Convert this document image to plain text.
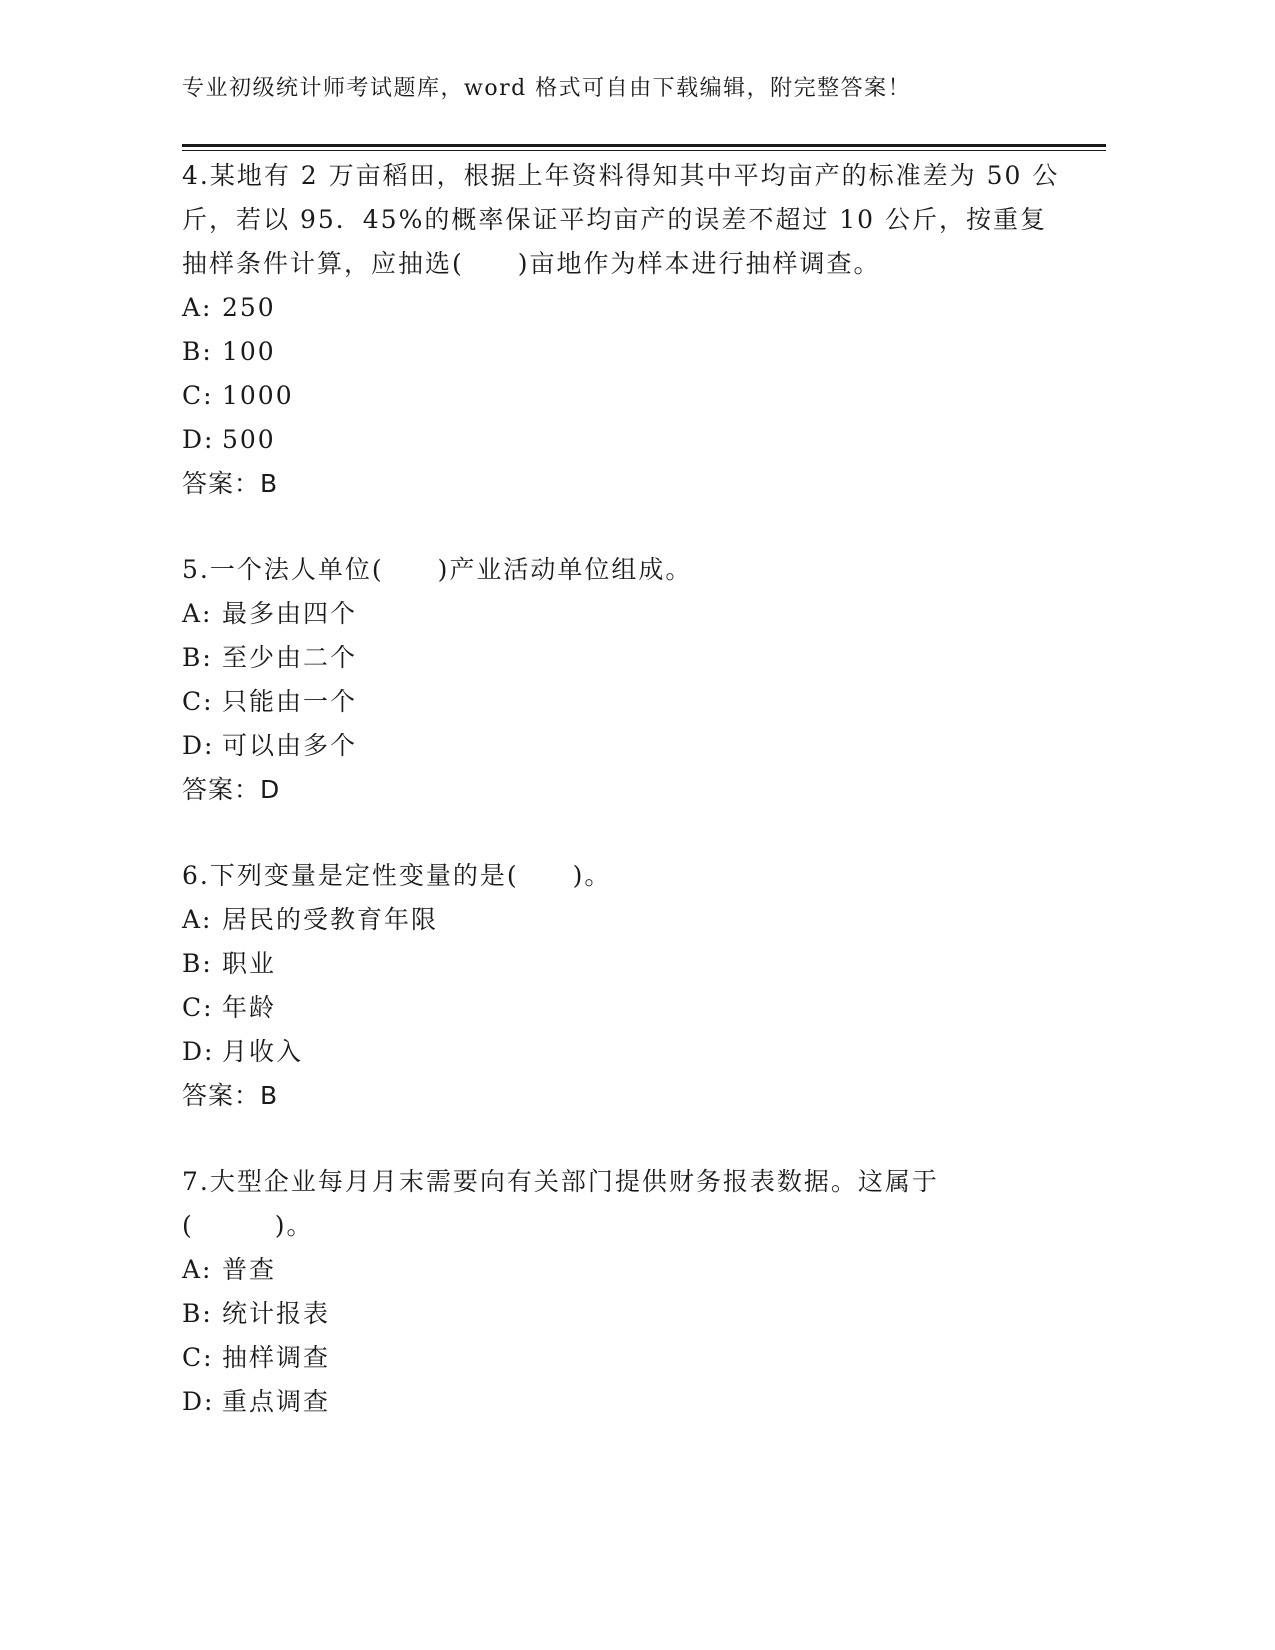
专业初级统计师考试题库，word 格式可自由下载编辑，附完整答案！

4.某地有 2 万亩稻田，根据上年资料得知其中平均亩产的标准差为 50 公斤，若以 95．45%的概率保证平均亩产的误差不超过 10 公斤，按重复抽样条件计算，应抽选(　　)亩地作为样本进行抽样调查。

A: 250

B: 100

C: 1000

D: 500

答案：B

5.一个法人单位(　　)产业活动单位组成。

A: 最多由四个

B: 至少由二个

C: 只能由一个

D: 可以由多个

答案：D

6.下列变量是定性变量的是(　　)。

A: 居民的受教育年限

B: 职业

C: 年龄

D: 月收入

答案：B

7.大型企业每月月末需要向有关部门提供财务报表数据。这属于(　　　)。

A: 普查

B: 统计报表

C: 抽样调查

D: 重点调查
